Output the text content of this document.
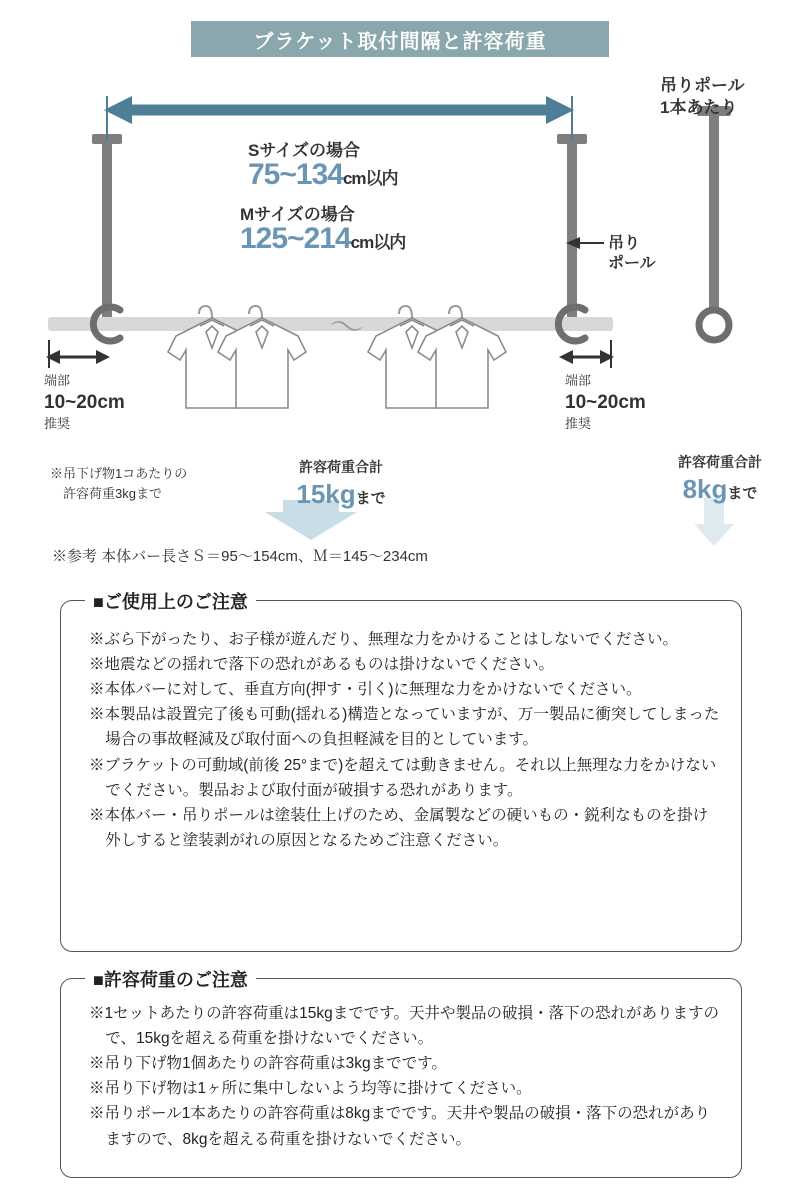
ブラケット取付間隔と許容荷重
〜
Sサイズの場合
75~134cm以内
Mサイズの場合
125~214cm以内
吊りポール
1本あたり
吊り
ポール
端部
10~20cm
推奨
端部
10~20cm
推奨
※吊下げ物1コあたりの
許容荷重3kgまで
許容荷重合計
15kgまで
許容荷重合計
8kgまで
※参考 本体バー長さＳ＝95～154cm、Ｍ＝145～234cm
■ご使用上のご注意
※ぶら下がったり、お子様が遊んだり、無理な力をかけることはしないでください。
※地震などの揺れで落下の恐れがあるものは掛けないでください。
※本体バーに対して、垂直方向(押す・引く)に無理な力をかけないでください。
※本製品は設置完了後も可動(揺れる)構造となっていますが、万一製品に衝突してしまった場合の事故軽減及び取付面への負担軽減を目的としています。
※ブラケットの可動域(前後 25°まで)を超えては動きません。それ以上無理な力をかけないでください。製品および取付面が破損する恐れがあります。
※本体バー・吊りポールは塗装仕上げのため、金属製などの硬いもの・鋭利なものを掛け外しすると塗装剥がれの原因となるためご注意ください。
■許容荷重のご注意
※1セットあたりの許容荷重は15kgまでです。天井や製品の破損・落下の恐れがありますので、15kgを超える荷重を掛けないでください。
※吊り下げ物1個あたりの許容荷重は3kgまでです。
※吊り下げ物は1ヶ所に集中しないよう均等に掛けてください。
※吊りポール1本あたりの許容荷重は8kgまでです。天井や製品の破損・落下の恐れがありますので、8kgを超える荷重を掛けないでください。
